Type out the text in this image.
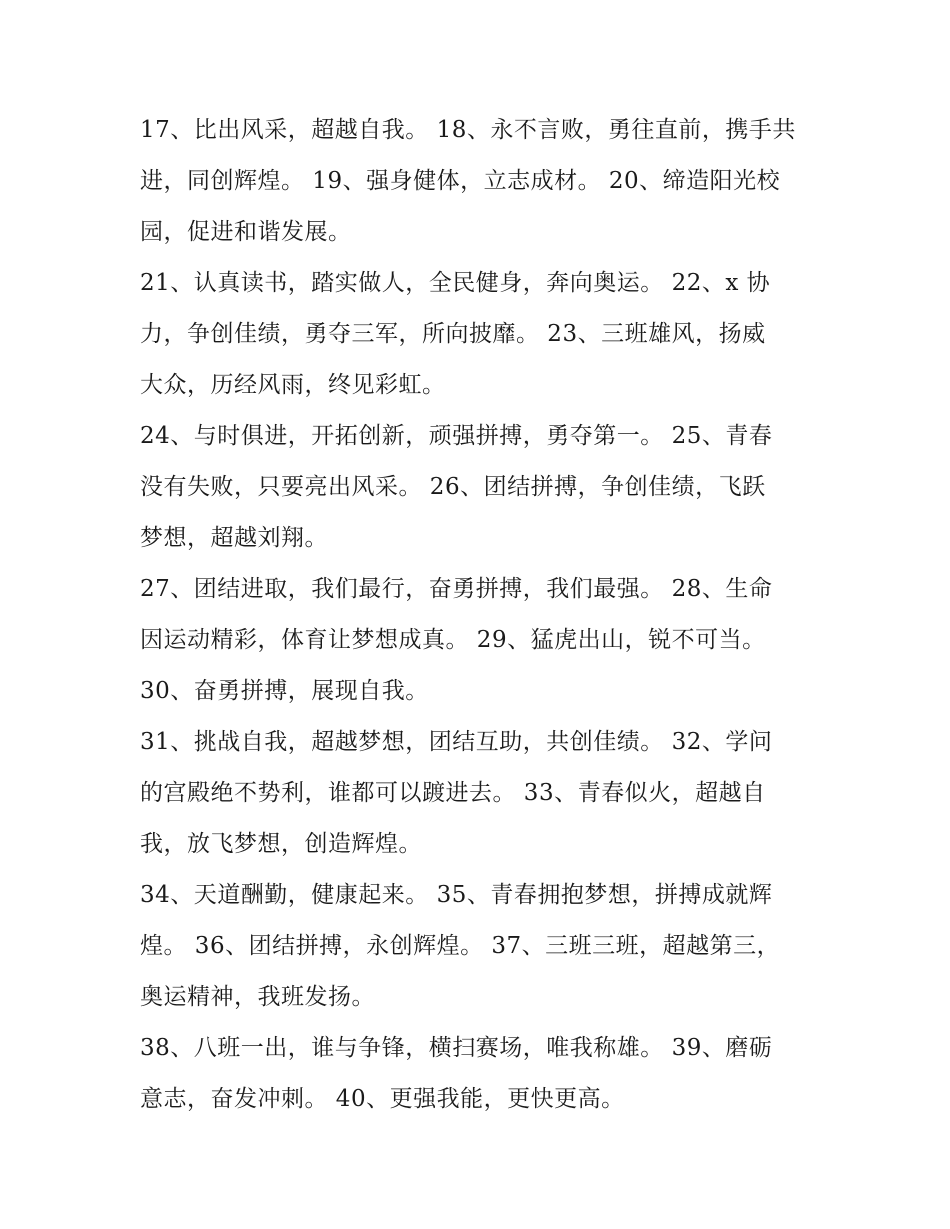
17、比出风采，超越自我。 18、永不言败，勇往直前，携手共
进，同创辉煌。 19、强身健体，立志成材。 20、缔造阳光校
园，促进和谐发展。
21、认真读书，踏实做人，全民健身，奔向奥运。 22、x 协
力，争创佳绩，勇夺三军，所向披靡。 23、三班雄风，扬威
大众，历经风雨，终见彩虹。
24、与时俱进，开拓创新，顽强拼搏，勇夺第一。 25、青春
没有失败，只要亮出风采。 26、团结拼搏，争创佳绩，飞跃
梦想，超越刘翔。
27、团结进取，我们最行，奋勇拼搏，我们最强。 28、生命
因运动精彩，体育让梦想成真。 29、猛虎出山，锐不可当。
30、奋勇拼搏，展现自我。
31、挑战自我，超越梦想，团结互助，共创佳绩。 32、学问
的宫殿绝不势利，谁都可以踱进去。 33、青春似火，超越自
我，放飞梦想，创造辉煌。
34、天道酬勤，健康起来。 35、青春拥抱梦想，拼搏成就辉
煌。 36、团结拼搏，永创辉煌。 37、三班三班，超越第三，
奥运精神，我班发扬。
38、八班一出，谁与争锋，横扫赛场，唯我称雄。 39、磨砺
意志，奋发冲刺。 40、更强我能，更快更高。
